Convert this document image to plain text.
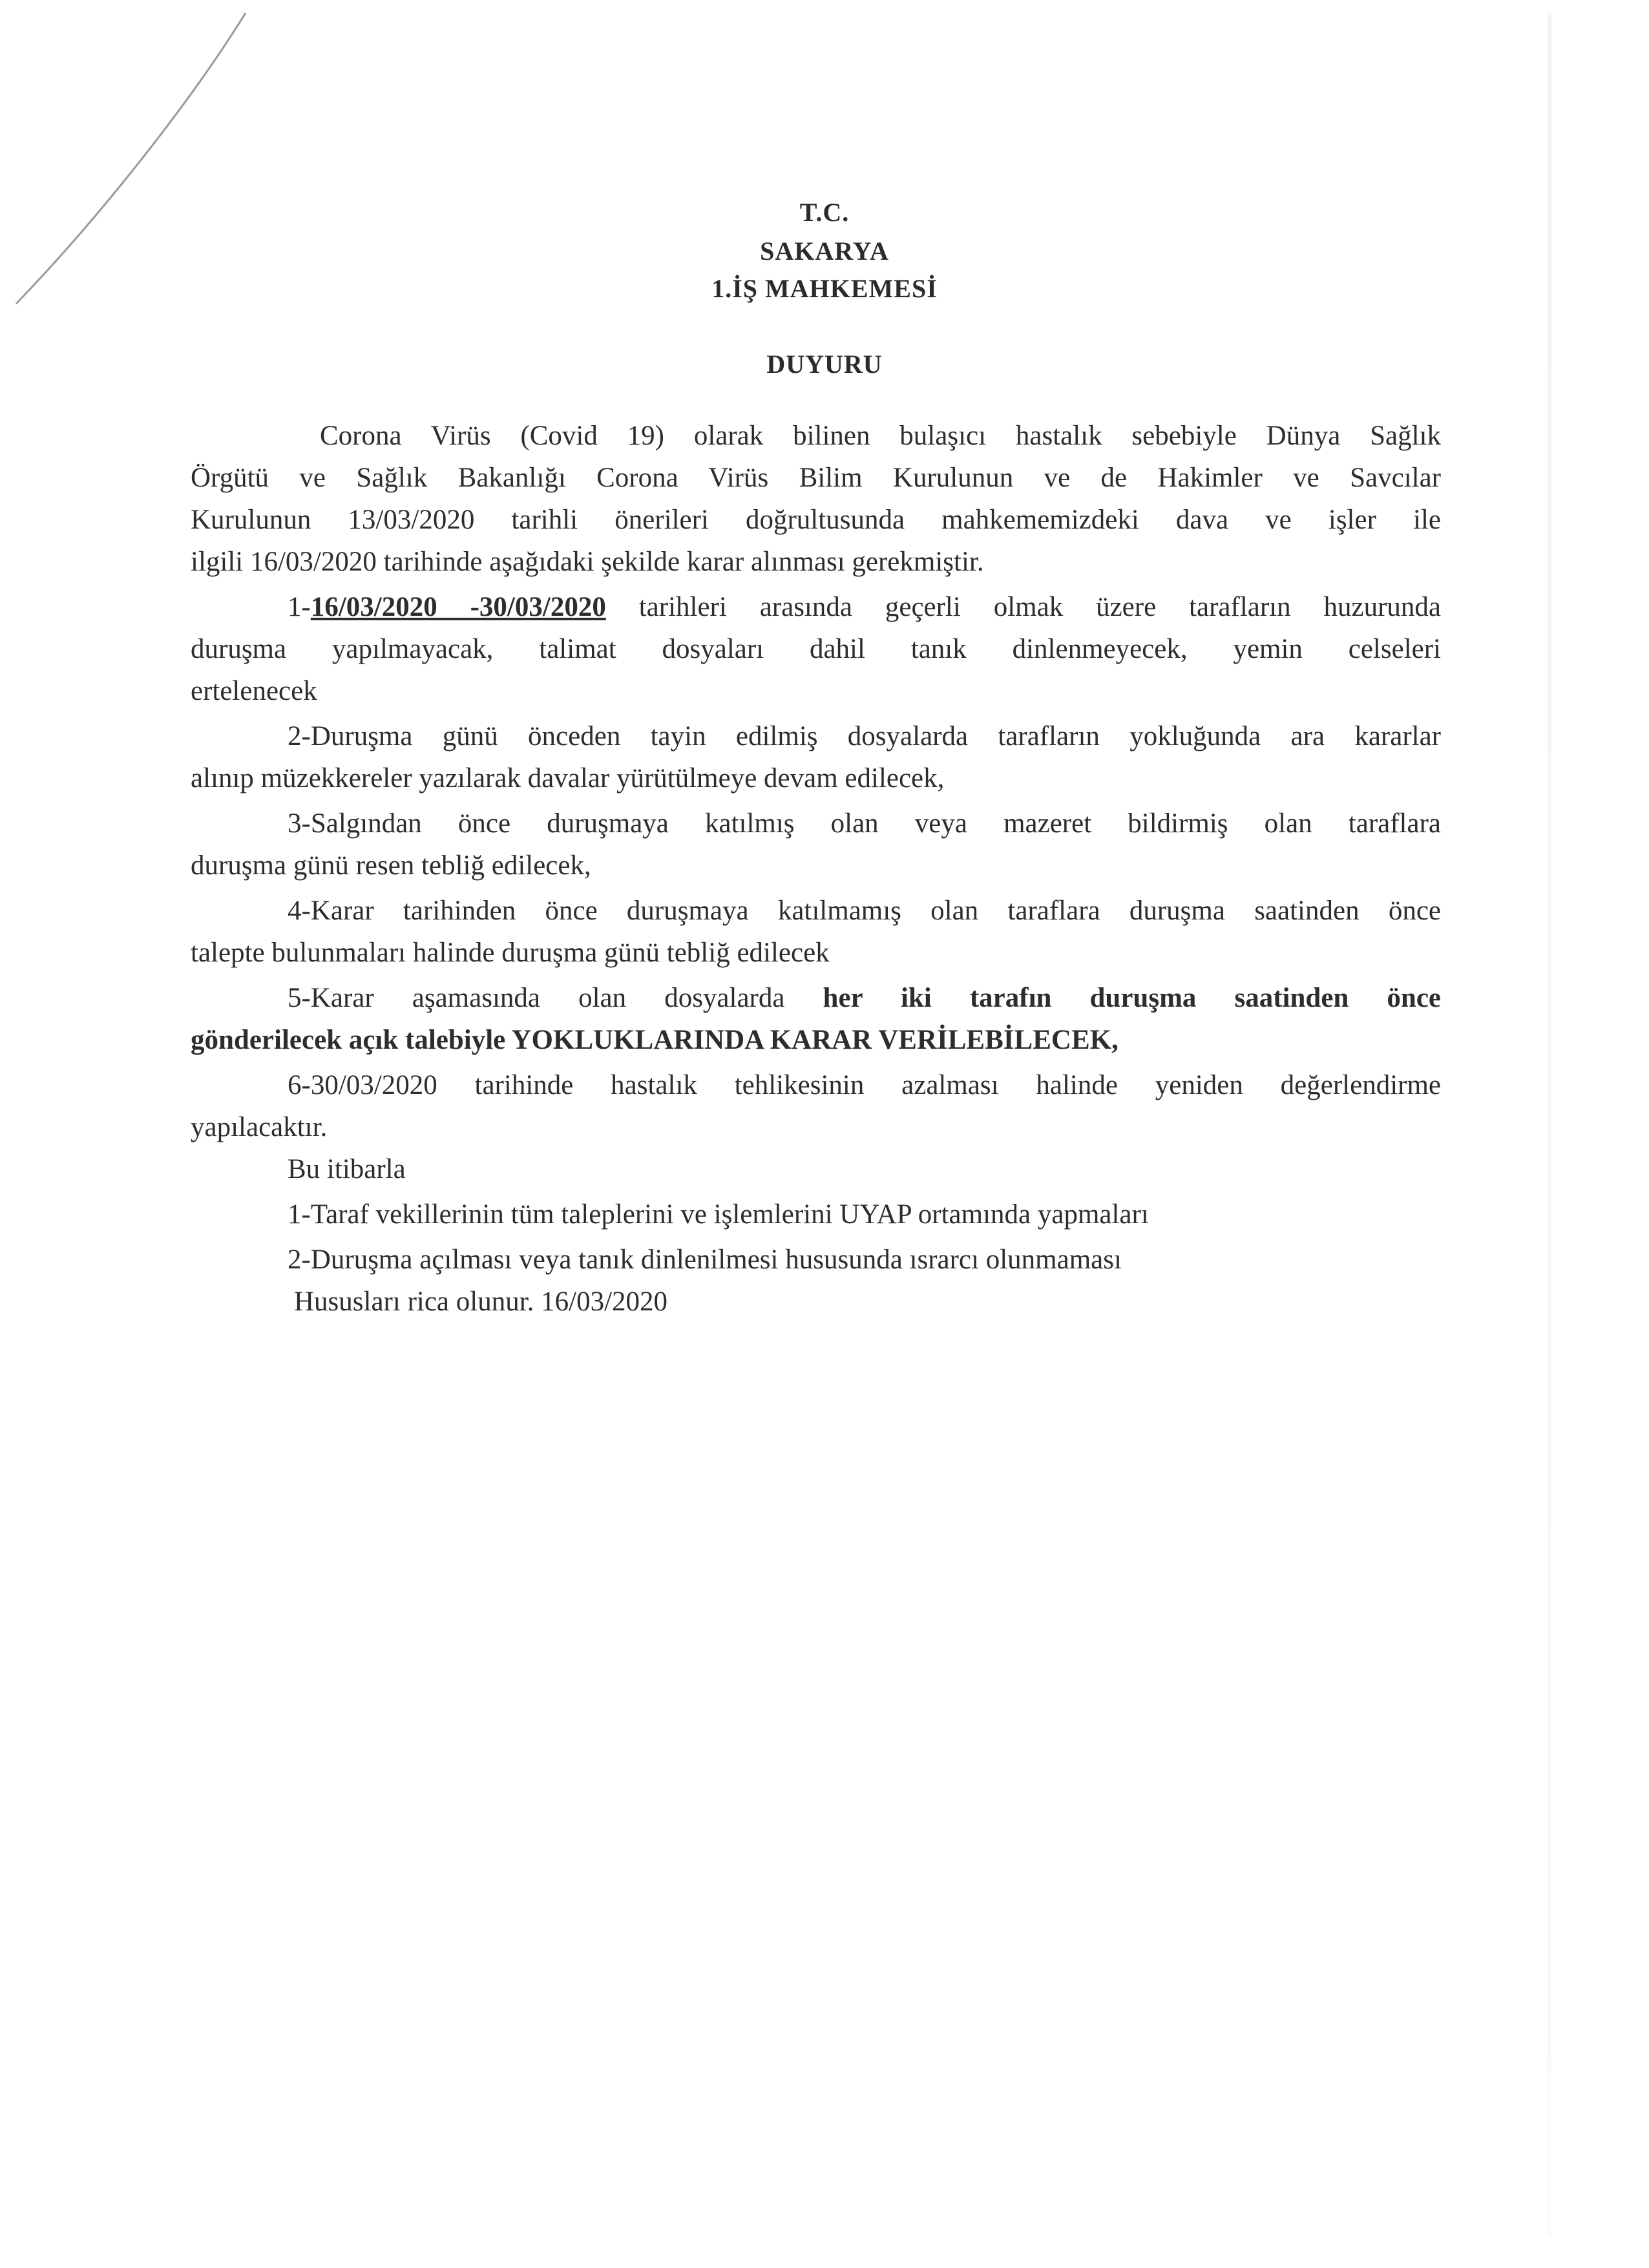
T.C.
SAKARYA
1.İŞ MAHKEMESİ
DUYURU
Corona Virüs (Covid 19) olarak bilinen bulaşıcı hastalık sebebiyle Dünya Sağlık
Örgütü ve Sağlık Bakanlığı Corona Virüs Bilim Kurulunun ve de Hakimler ve Savcılar
Kurulunun 13/03/2020 tarihli önerileri doğrultusunda mahkememizdeki dava ve işler ile
ilgili 16/03/2020 tarihinde aşağıdaki şekilde karar alınması gerekmiştir.
1-16/03/2020 -30/03/2020 tarihleri arasında geçerli olmak üzere tarafların huzurunda
duruşma yapılmayacak, talimat dosyaları dahil tanık dinlenmeyecek, yemin celseleri
ertelenecek
2-Duruşma günü önceden tayin edilmiş dosyalarda tarafların yokluğunda ara kararlar
alınıp müzekkereler yazılarak davalar yürütülmeye devam edilecek,
3-Salgından önce duruşmaya katılmış olan veya mazeret bildirmiş olan taraflara
duruşma günü resen tebliğ edilecek,
4-Karar tarihinden önce duruşmaya katılmamış olan taraflara duruşma saatinden önce
talepte bulunmaları halinde duruşma günü tebliğ edilecek
5-Karar aşamasında olan dosyalarda her iki tarafın duruşma saatinden önce
gönderilecek açık talebiyle YOKLUKLARINDA KARAR VERİLEBİLECEK,
6-30/03/2020 tarihinde hastalık tehlikesinin azalması halinde yeniden değerlendirme
yapılacaktır.
Bu itibarla
1-Taraf vekillerinin tüm taleplerini ve işlemlerini UYAP ortamında yapmaları
2-Duruşma açılması veya tanık dinlenilmesi hususunda ısrarcı olunmaması
Hususları rica olunur. 16/03/2020
